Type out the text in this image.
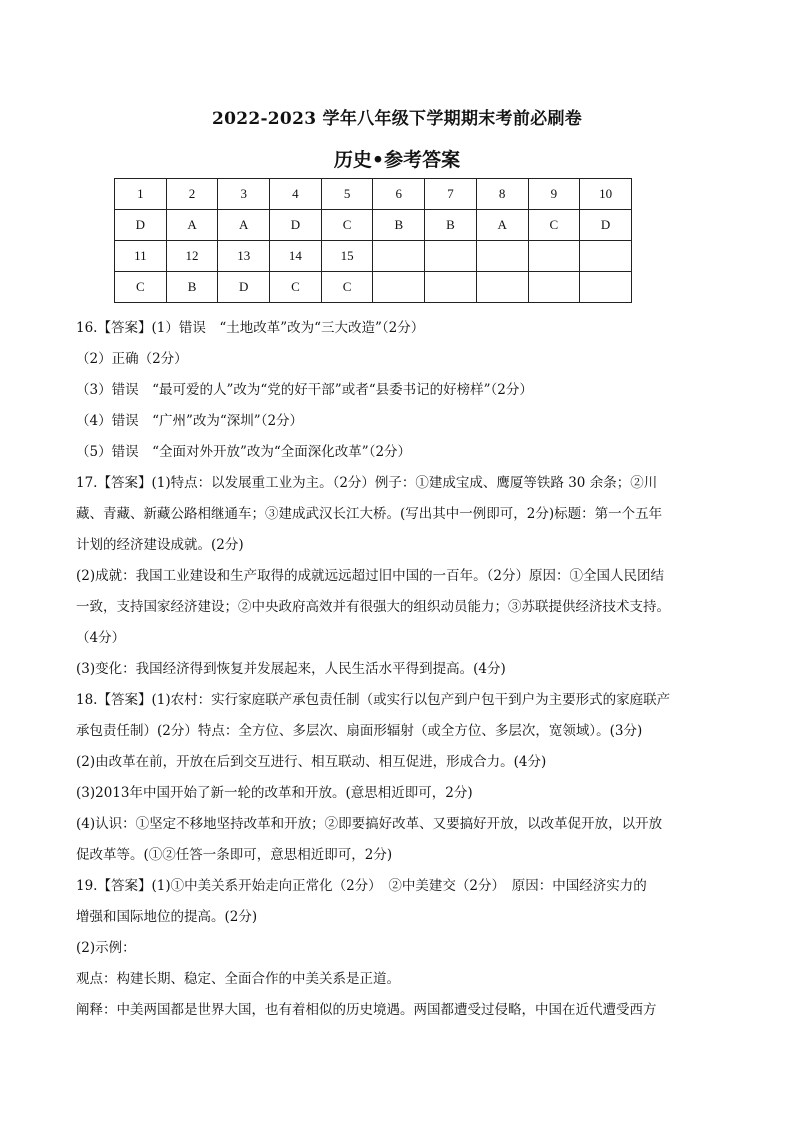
2022-2023 学年八年级下学期期末考前必刷卷
历史•参考答案
1	2	3	4	5	6	7	8	9	10
D	A	A	D	C	B	B	A	C	D
11	12	13	14	15					
C	B	D	C	C					

16.【答案】(1）错误　“土地改革”改为“三大改造”（2分）

（2）正确（2分）

（3）错误　“最可爱的人”改为“党的好干部”或者“县委书记的好榜样”（2分）

（4）错误　“广州”改为“深圳”（2分）

（5）错误　“全面对外开放”改为“全面深化改革”（2分）

17.【答案】(1)特点：以发展重工业为主。（2分）例子：①建成宝成、鹰厦等铁路 30 余条；②川

藏、青藏、新藏公路相继通车；③建成武汉长江大桥。(写出其中一例即可，2分)标题：第一个五年

计划的经济建设成就。(2分)

(2)成就：我国工业建设和生产取得的成就远远超过旧中国的一百年。（2分）原因：①全国人民团结

一致，支持国家经济建设；②中央政府高效并有很强大的组织动员能力；③苏联提供经济技术支持。

（4分）

(3)变化：我国经济得到恢复并发展起来，人民生活水平得到提高。(4分)

18.【答案】(1)农村：实行家庭联产承包责任制（或实行以包产到户包干到户为主要形式的家庭联产

承包责任制）(2分）特点：全方位、多层次、扇面形辐射（或全方位、多层次，宽领域）。(3分)

(2)由改革在前，开放在后到交互进行、相互联动、相互促进，形成合力。(4分)

(3)2013年中国开始了新一轮的改革和开放。(意思相近即可，2分)

(4)认识：①坚定不移地坚持改革和开放；②即要搞好改革、又要搞好开放，以改革促开放，以开放

促改革等。(①②任答一条即可，意思相近即可，2分)

19.【答案】(1)①中美关系开始走向正常化（2分）　②中美建交（2分）　原因：中国经济实力的

增强和国际地位的提高。(2分)

(2)示例：

观点：构建长期、稳定、全面合作的中美关系是正道。

阐释：中美两国都是世界大国，也有着相似的历史境遇。两国都遭受过侵略，中国在近代遭受西方
